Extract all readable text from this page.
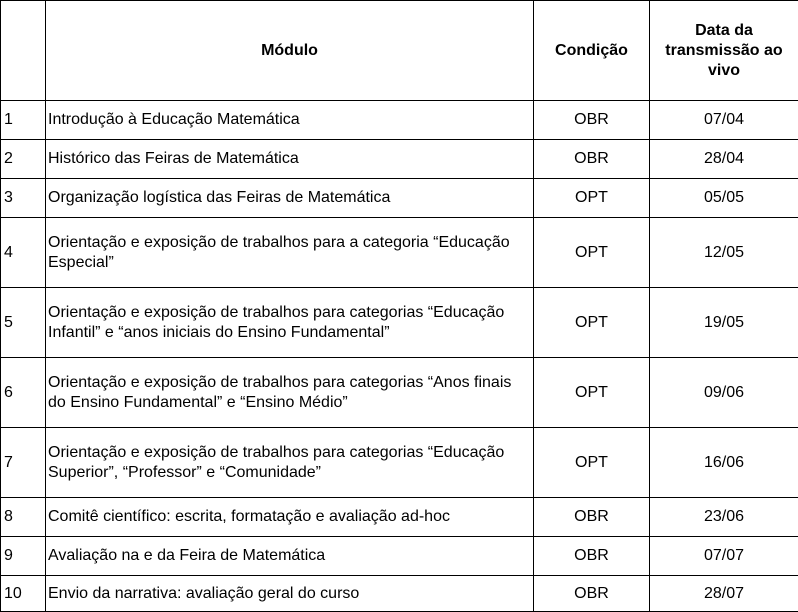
	Módulo	Condição	Data da transmissão ao vivo
1	Introdução à Educação Matemática	OBR	07/04
2	Histórico das Feiras de Matemática	OBR	28/04
3	Organização logística das Feiras de Matemática	OPT	05/05
4	Orientação e exposição de trabalhos para a categoria “Educação Especial”	OPT	12/05
5	Orientação e exposição de trabalhos para categorias “Educação Infantil” e “anos iniciais do Ensino Fundamental”	OPT	19/05
6	Orientação e exposição de trabalhos para categorias “Anos finais do Ensino Fundamental” e “Ensino Médio”	OPT	09/06
7	Orientação e exposição de trabalhos para categorias “Educação Superior”, “Professor” e “Comunidade”	OPT	16/06
8	Comitê científico: escrita, formatação e avaliação ad-hoc	OBR	23/06
9	Avaliação na e da Feira de Matemática	OBR	07/07
10	Envio da narrativa: avaliação geral do curso	OBR	28/07
